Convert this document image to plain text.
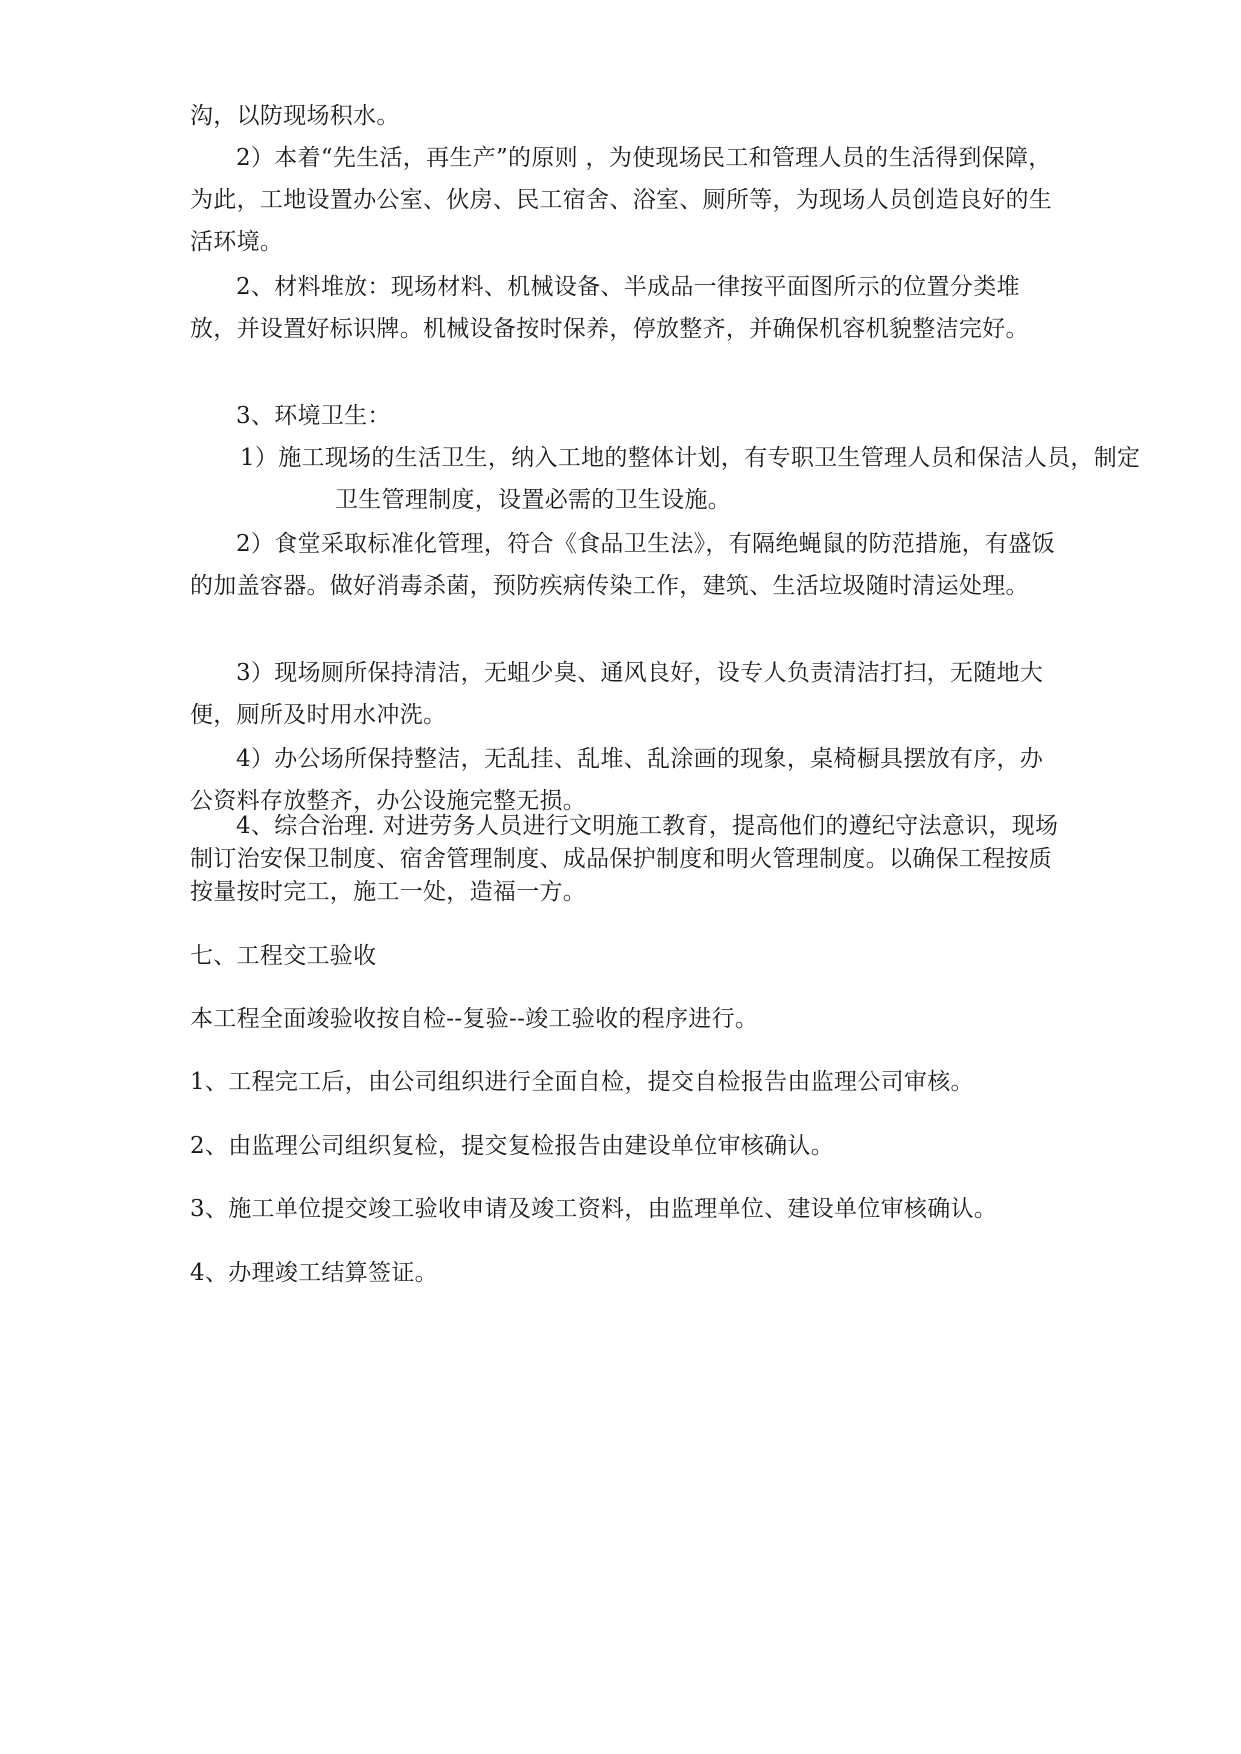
沟，以防现场积水。

2）本着“先生活，再生产”的原则 ，为使现场民工和管理人员的生活得到保障，为此，工地设置办公室、伙房、民工宿舍、浴室、厕所等，为现场人员创造良好的生活环境。

2、材料堆放：现场材料、机械设备、半成品一律按平面图所示的位置分类堆放，并设置好标识牌。机械设备按时保养，停放整齐，并确保机容机貌整洁完好。

3、环境卫生：

1）施工现场的生活卫生，纳入工地的整体计划，有专职卫生管理人员和保洁人员，制定卫生管理制度，设置必需的卫生设施。

2）食堂采取标准化管理，符合《食品卫生法》，有隔绝蝇鼠的防范措施，有盛饭的加盖容器。做好消毒杀菌，预防疾病传染工作，建筑、生活垃圾随时清运处理。

3）现场厕所保持清洁，无蛆少臭、通风良好，设专人负责清洁打扫，无随地大便，厕所及时用水冲洗。

4）办公场所保持整洁，无乱挂、乱堆、乱涂画的现象，桌椅橱具摆放有序，办公资料存放整齐，办公设施完整无损。

4、综合治理. 对进劳务人员进行文明施工教育，提高他们的遵纪守法意识，现场制订治安保卫制度、宿舍管理制度、成品保护制度和明火管理制度。以确保工程按质按量按时完工，施工一处，造福一方。

七、工程交工验收

本工程全面竣验收按自检--复验--竣工验收的程序进行。

1、工程完工后，由公司组织进行全面自检，提交自检报告由监理公司审核。

2、由监理公司组织复检，提交复检报告由建设单位审核确认。

3、施工单位提交竣工验收申请及竣工资料，由监理单位、建设单位审核确认。

4、办理竣工结算签证。
